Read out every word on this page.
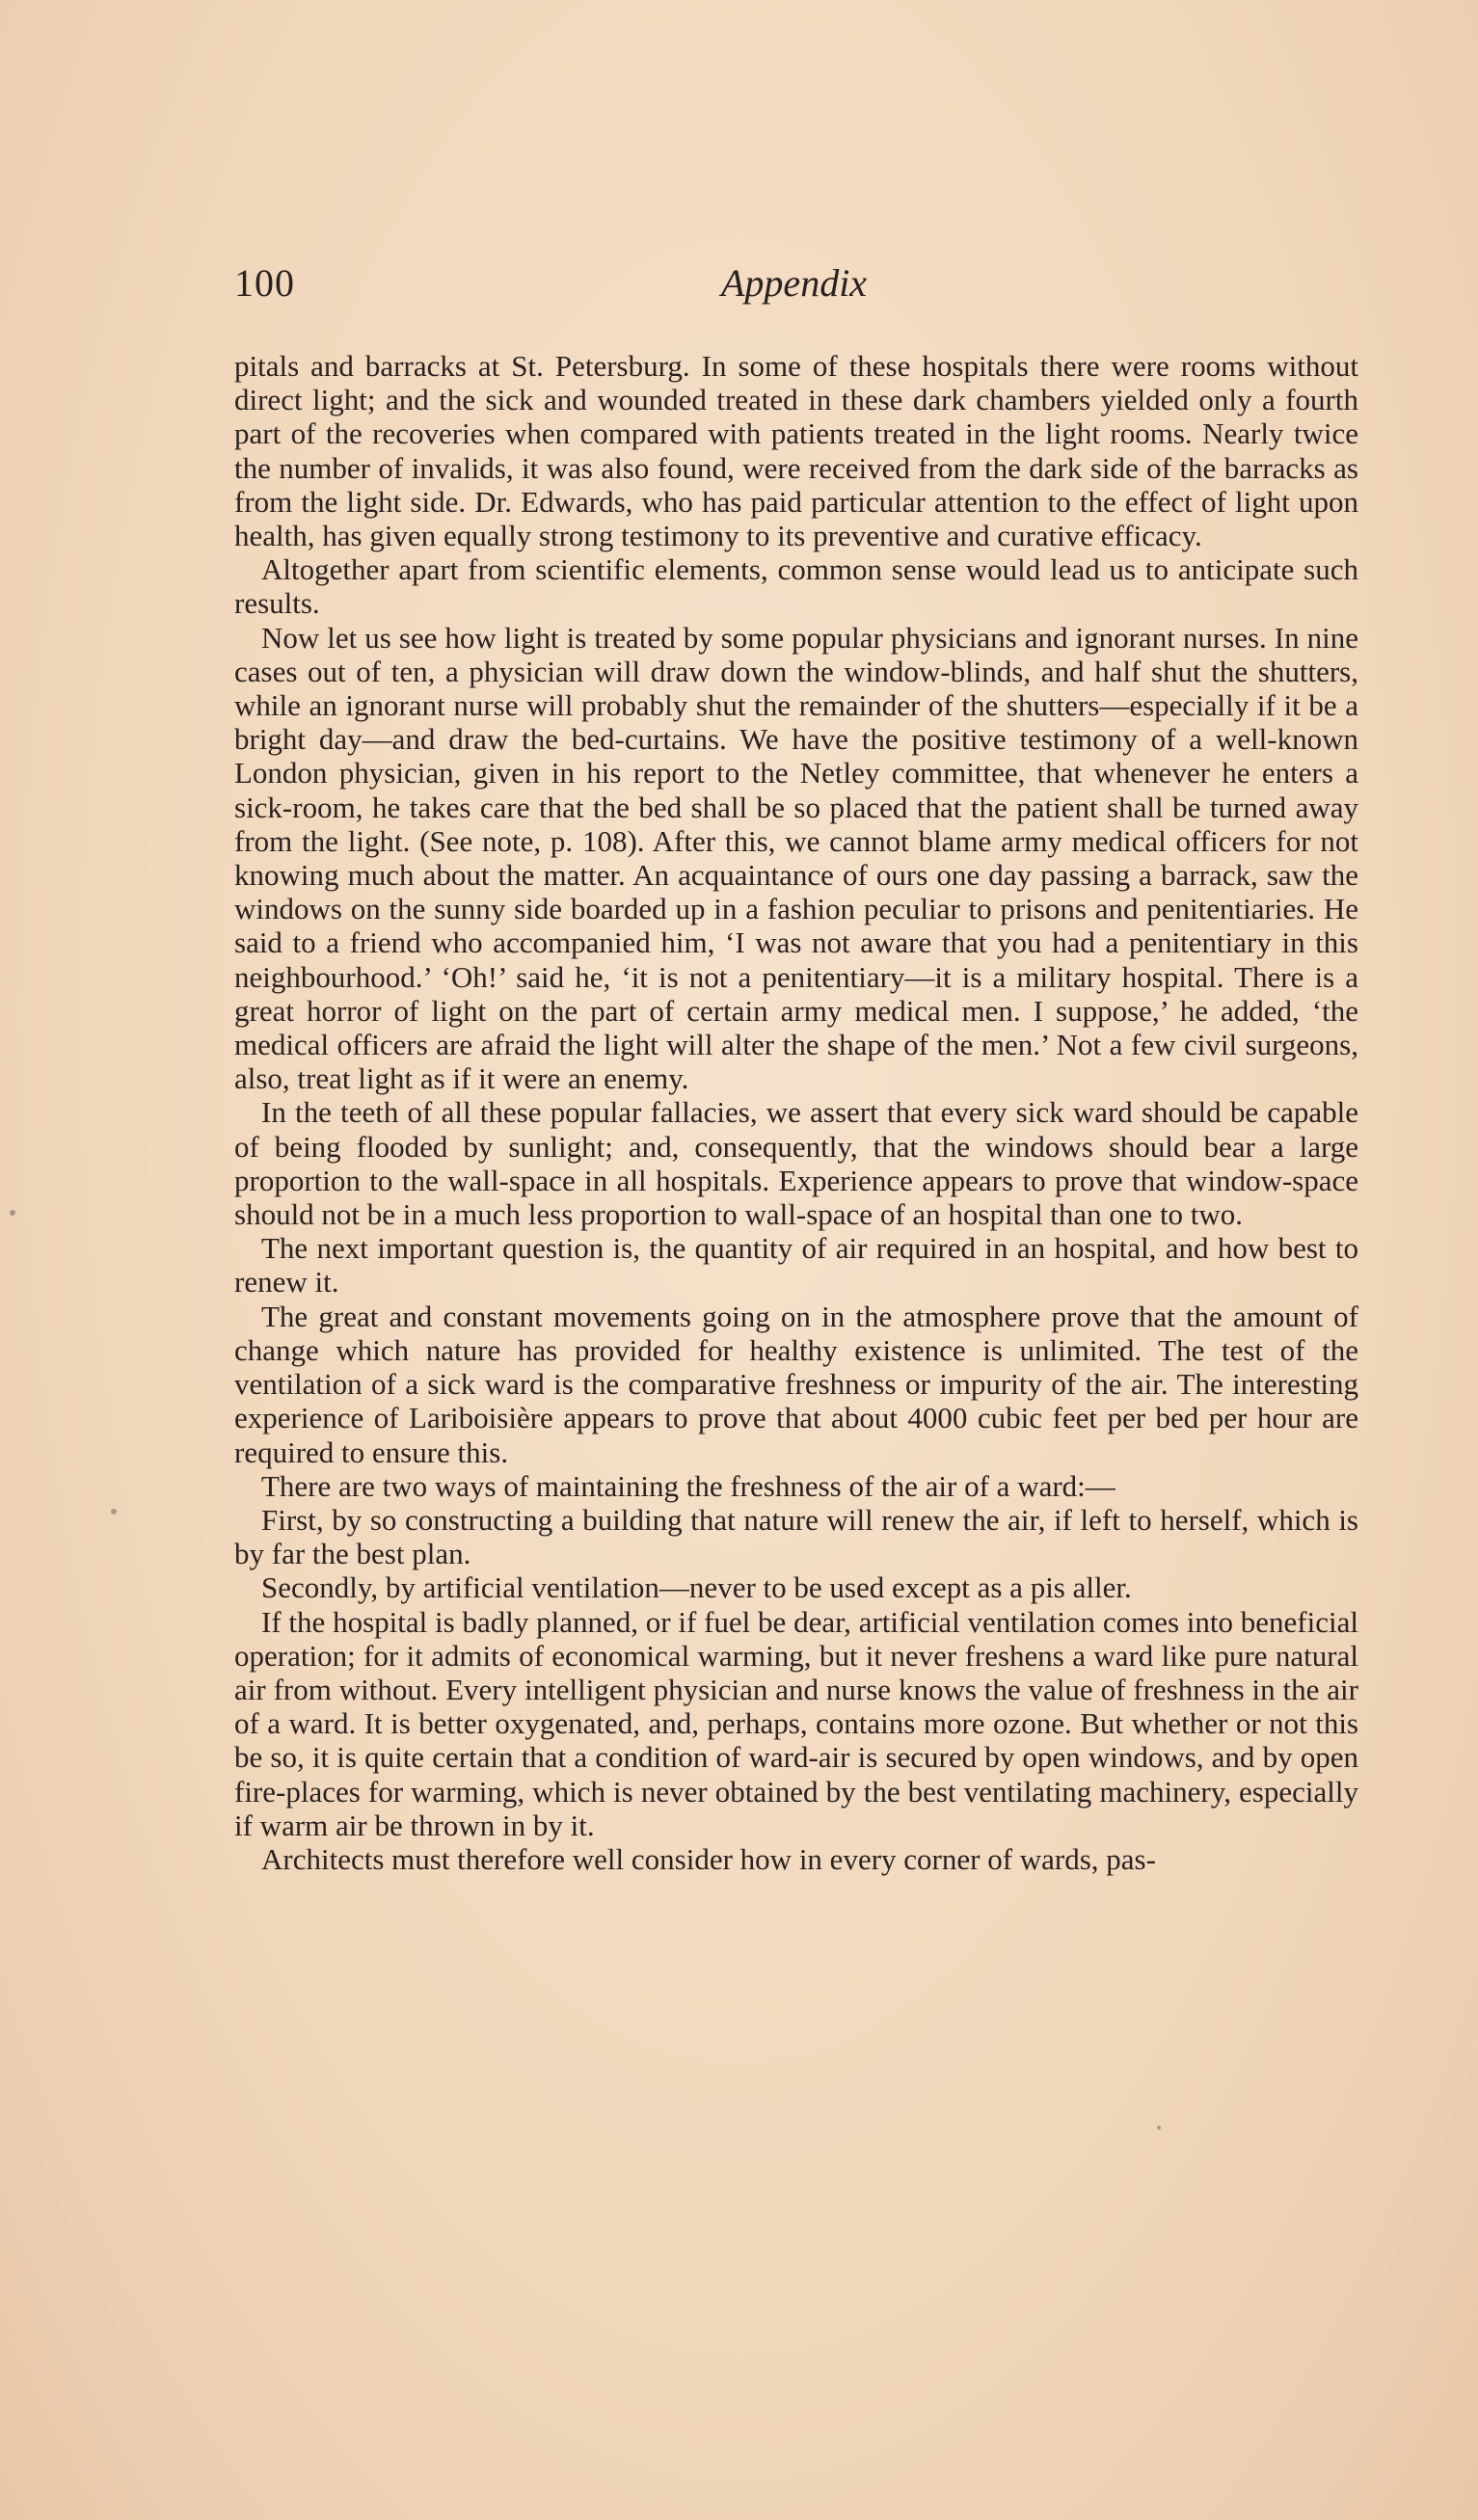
100	Appendix

pitals and barracks at St. Petersburg. In some of these hospitals there were rooms without direct light; and the sick and wounded treated in these dark chambers yielded only a fourth part of the recoveries when compared with patients treated in the light rooms. Nearly twice the number of invalids, it was also found, were received from the dark side of the barracks as from the light side. Dr. Edwards, who has paid particular attention to the effect of light upon health, has given equally strong testimony to its preventive and curative efficacy.

Altogether apart from scientific elements, common sense would lead us to anticipate such results.

Now let us see how light is treated by some popular physicians and ignorant nurses. In nine cases out of ten, a physician will draw down the window-blinds, and half shut the shutters, while an ignorant nurse will probably shut the remainder of the shutters—especially if it be a bright day—and draw the bed-curtains. We have the positive testimony of a well-known London physician, given in his report to the Netley committee, that whenever he enters a sick-room, he takes care that the bed shall be so placed that the patient shall be turned away from the light. (See note, p. 108). After this, we cannot blame army medical officers for not knowing much about the matter. An acquaintance of ours one day passing a barrack, saw the windows on the sunny side boarded up in a fashion peculiar to prisons and penitentiaries. He said to a friend who accompanied him, ‘I was not aware that you had a penitentiary in this neighbourhood.’ ‘Oh!’ said he, ‘it is not a penitentiary—it is a military hospital. There is a great horror of light on the part of certain army medical men. I suppose,’ he added, ‘the medical officers are afraid the light will alter the shape of the men.’ Not a few civil surgeons, also, treat light as if it were an enemy.

In the teeth of all these popular fallacies, we assert that every sick ward should be capable of being flooded by sunlight; and, consequently, that the windows should bear a large proportion to the wall-space in all hospitals. Experience appears to prove that window-space should not be in a much less proportion to wall-space of an hospital than one to two.

The next important question is, the quantity of air required in an hospital, and how best to renew it.

The great and constant movements going on in the atmosphere prove that the amount of change which nature has provided for healthy existence is unlimited. The test of the ventilation of a sick ward is the comparative freshness or impurity of the air. The interesting experience of Lariboisière appears to prove that about 4000 cubic feet per bed per hour are required to ensure this.

There are two ways of maintaining the freshness of the air of a ward:—

First, by so constructing a building that nature will renew the air, if left to herself, which is by far the best plan.

Secondly, by artificial ventilation—never to be used except as a pis aller.

If the hospital is badly planned, or if fuel be dear, artificial ventilation comes into beneficial operation; for it admits of economical warming, but it never freshens a ward like pure natural air from without. Every intelligent physician and nurse knows the value of freshness in the air of a ward. It is better oxygenated, and, perhaps, contains more ozone. But whether or not this be so, it is quite certain that a condition of ward-air is secured by open windows, and by open fire-places for warming, which is never obtained by the best ventilating machinery, especially if warm air be thrown in by it.

Architects must therefore well consider how in every corner of wards, pas-
